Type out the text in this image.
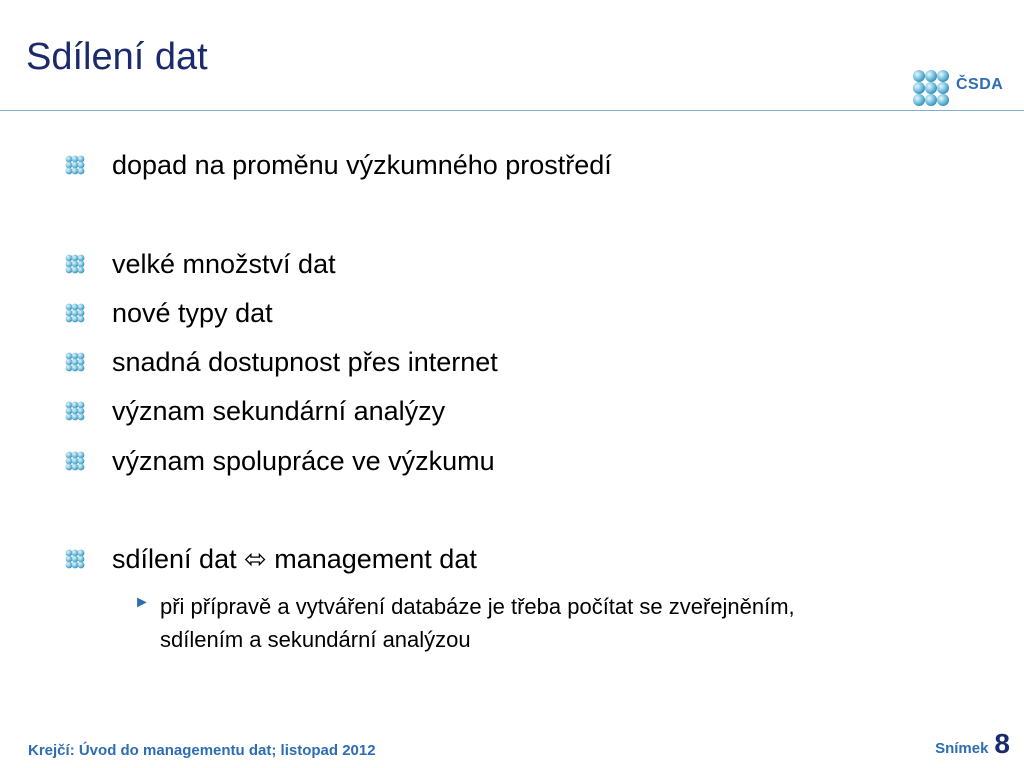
Sdílení dat
ČSDA
dopad na proměnu výzkumného prostředí
velké množství dat
nové typy dat
snadná dostupnost přes internet
význam sekundární analýzy
význam spolupráce ve výzkumu
sdílení dat ⬄ management dat
► při přípravě a vytváření databáze je třeba počítat se zveřejněním, sdílením a sekundární analýzou
Krejčí: Úvod do managementu dat; listopad 2012	Snímek 8
